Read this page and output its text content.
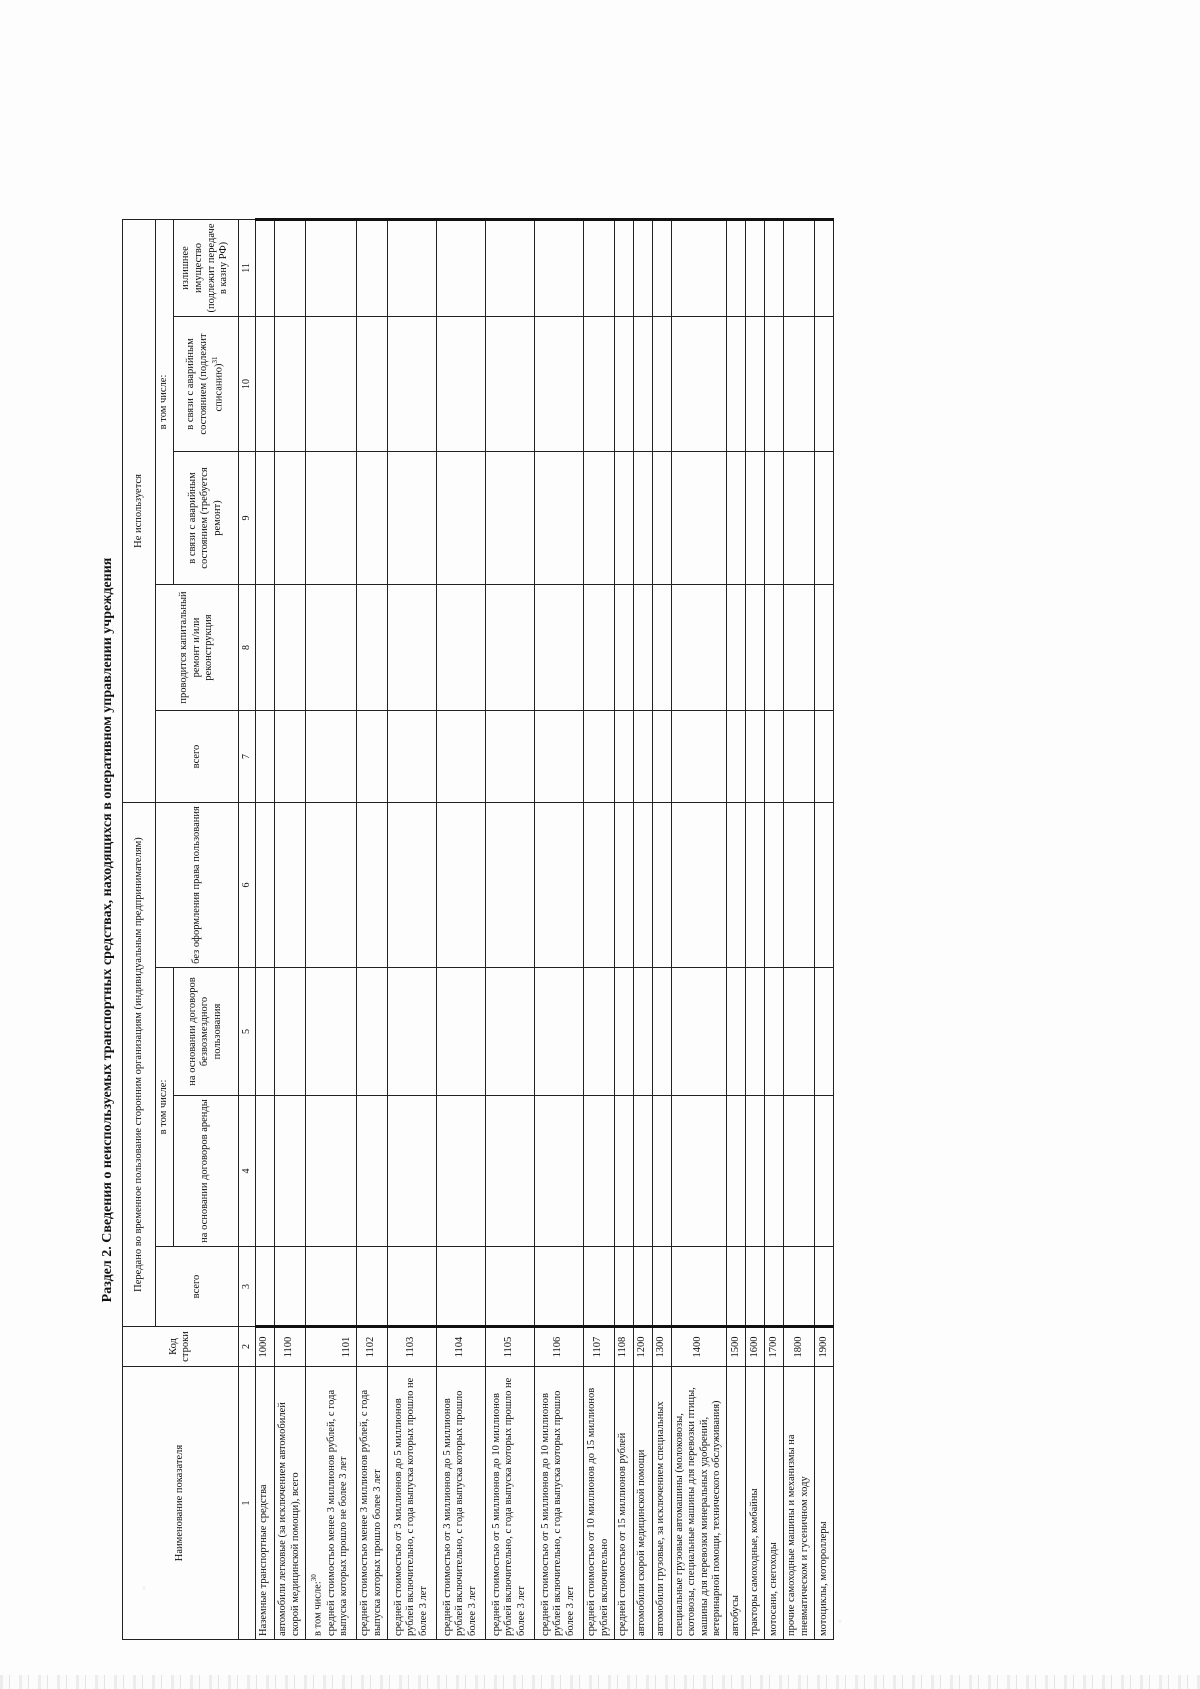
Раздел 2. Сведения о неиспользуемых транспортных средствах, находящихся в оперативном управлении учреждения
Наименование показателя	Код строки	Передано во временное пользование сторонним организациям (индивидуальным предпринимателям)				Не используется				
		всего	в том числе:		без оформления права пользования	всего	проводится капитальный ремонт и/или реконструкция	в том числе:		
			на основании договоров аренды	на основании договоров безвозмездного пользования				в связи с аварийным состоянием (требуется ремонт)	в связи с аварийным состоянием (подлежит списанию)$^{31}$	излишнее имущество (подлежит передаче в казну РФ)

1	2	3	4	5	6	7	8	9	10	11
Наземные транспортные средства	1000									
автомобили легковые (за исключением автомобилей скорой медицинской помощи), всего	1100									
в том числе:$^{30}$ средней стоимостью менее 3 миллионов рублей, с года выпуска которых прошло не более 3 лет	1101									
средней стоимостью менее 3 миллионов рублей, с года выпуска которых прошло более 3 лет	1102									
средней стоимостью от 3 миллионов до 5 миллионов рублей включительно, с года выпуска которых прошло не более 3 лет	1103									
средней стоимостью от 3 миллионов до 5 миллионов рублей включительно, с года выпуска которых прошло более 3 лет	1104									
средней стоимостью от 5 миллионов до 10 миллионов рублей включительно, с года выпуска которых прошло не более 3 лет	1105									
средней стоимостью от 5 миллионов до 10 миллионов рублей включительно, с года выпуска которых прошло более 3 лет	1106									
средней стоимостью от 10 миллионов до 15 миллионов рублей включительно	1107									
средней стоимостью от 15 миллионов рублей	1108									
автомобили скорой медицинской помощи	1200									
автомобили грузовые, за исключением специальных	1300									
специальные грузовые автомашины (молоковозы, скотовозы, специальные машины для перевозки птицы, машины для перевозки минеральных удобрений, ветеринарной помощи, технического обслуживания)	1400									
автобусы	1500									
тракторы самоходные, комбайны	1600									
мотосани, снегоходы	1700									
прочие самоходные машины и механизмы на пневматическом и гусеничном ходу	1800									
мотоциклы, мотороллеры	1900									
